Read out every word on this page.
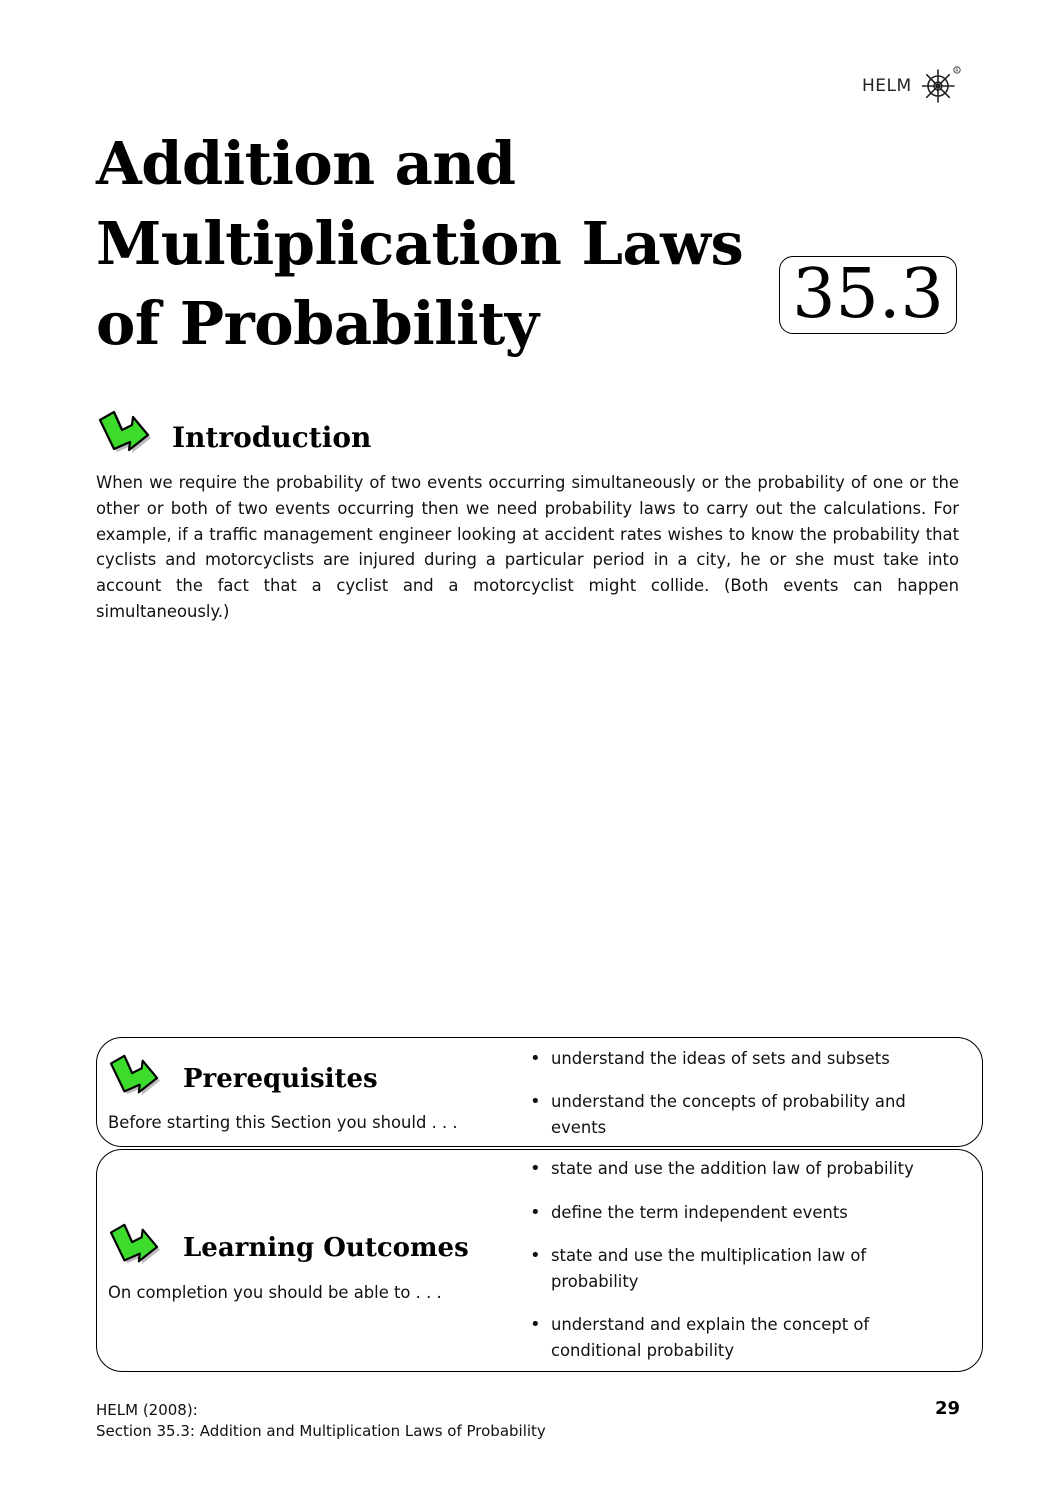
HELM
R
Addition and
Multiplication Laws
of Probability	35.3
Introduction

When we require the probability of two events occurring simultaneously or the probability of one or the other or both of two events occurring then we need probability laws to carry out the calculations. For example, if a traffic management engineer looking at accident rates wishes to know the probability that cyclists and motorcyclists are injured during a particular period in a city, he or she must take into account the fact that a cyclist and a motorcyclist might collide. (Both events can happen simultaneously.)

Prerequisites

Before starting this Section you should . . .

• understand the ideas of sets and subsets
• understand the concepts of probability and events
Learning Outcomes

On completion you should be able to . . .

• state and use the addition law of probability
• define the term independent events
• state and use the multiplication law of probability
• understand and explain the concept of conditional probability
HELM (2008):
Section 35.3: Addition and Multiplication Laws of Probability
29
